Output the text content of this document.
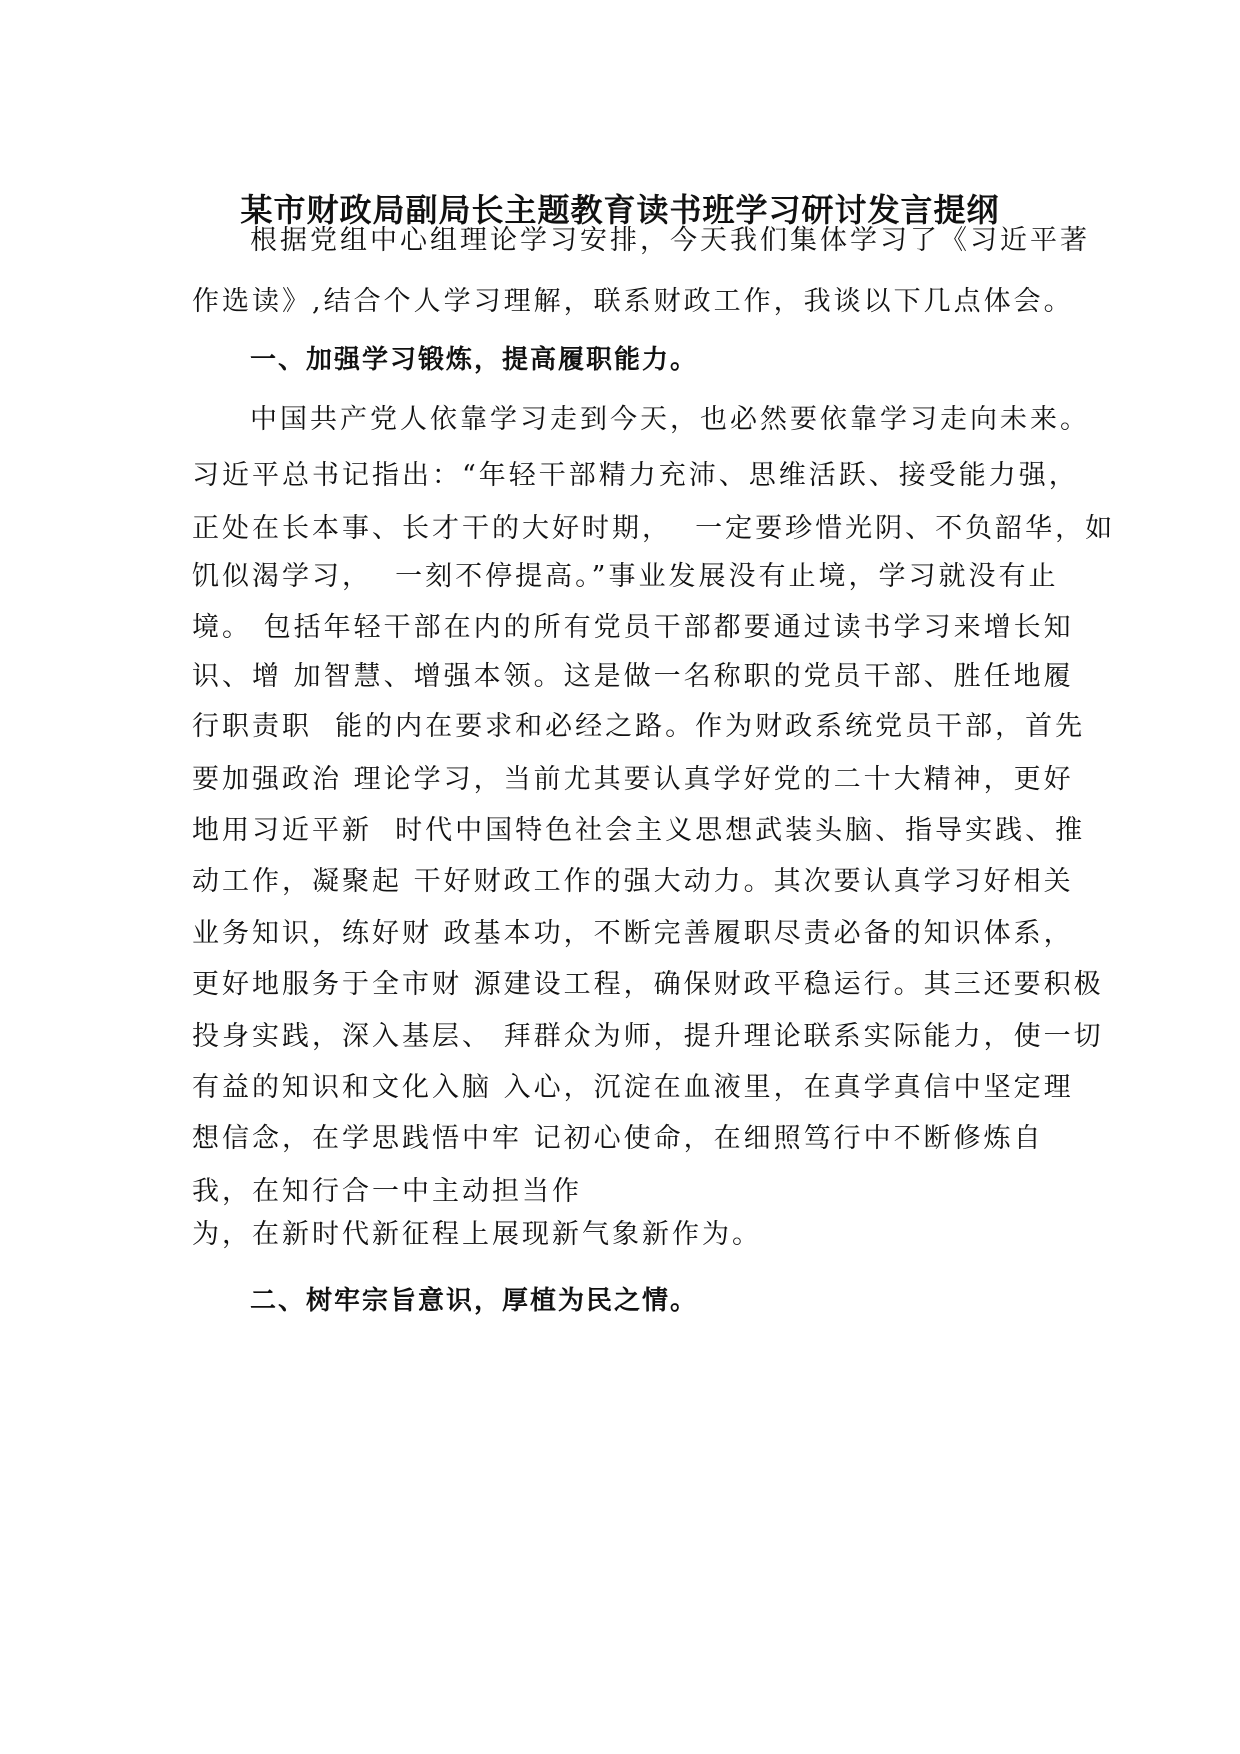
某市财政局副局长主题教育读书班学习研讨发言提纲
根据党组中心组理论学习安排，今天我们集体学习了《习近平著
作选读》,结合个人学习理解，联系财政工作，我谈以下几点体会。
一、加强学习锻炼，提高履职能力。
中国共产党人依靠学习走到今天，也必然要依靠学习走向未来。
习近平总书记指出：“年轻干部精力充沛、思维活跃、接受能力强，
正处在长本事、长才干的大好时期，  一定要珍惜光阴、不负韶华，如
饥似渴学习，  一刻不停提高。”事业发展没有止境，学习就没有止
境。 包括年轻干部在内的所有党员干部都要通过读书学习来增长知
识、增 加智慧、增强本领。这是做一名称职的党员干部、胜任地履
行职责职  能的内在要求和必经之路。作为财政系统党员干部，首先
要加强政治 理论学习，当前尤其要认真学好党的二十大精神，更好
地用习近平新  时代中国特色社会主义思想武装头脑、指导实践、推
动工作，凝聚起 干好财政工作的强大动力。其次要认真学习好相关
业务知识，练好财 政基本功，不断完善履职尽责必备的知识体系，
更好地服务于全市财 源建设工程，确保财政平稳运行。其三还要积极
投身实践，深入基层、 拜群众为师，提升理论联系实际能力，使一切
有益的知识和文化入脑 入心，沉淀在血液里，在真学真信中坚定理
想信念，在学思践悟中牢 记初心使命，在细照笃行中不断修炼自
我，在知行合一中主动担当作
为，在新时代新征程上展现新气象新作为。
二、树牢宗旨意识，厚植为民之情。
